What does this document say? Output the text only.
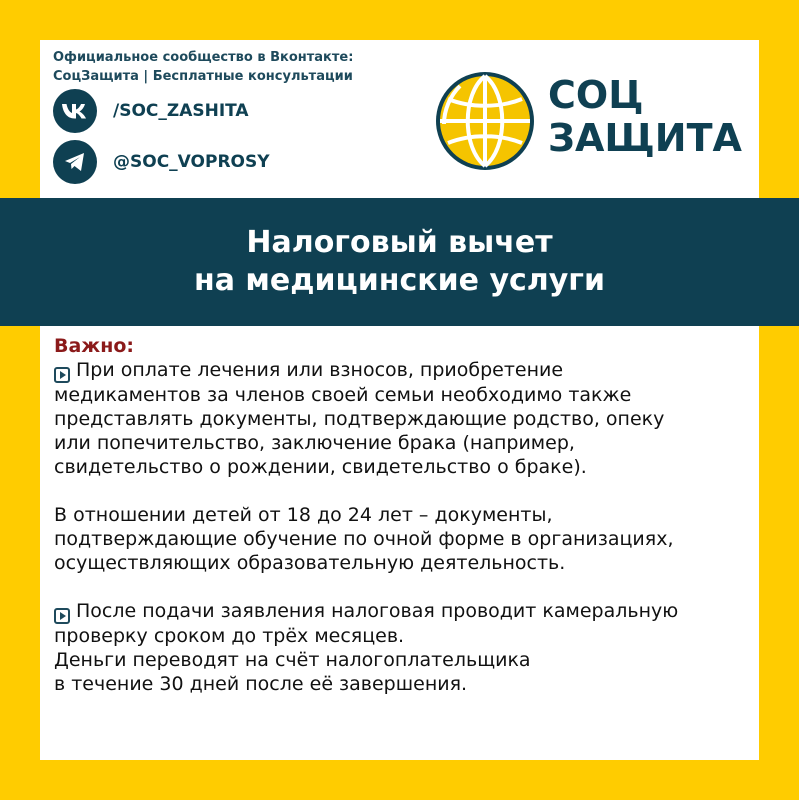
Официальное сообщество в Вконтакте:
СоцЗащита | Бесплатные консультации
/SOC_ZASHITA
@SOC_VOPROSY
СОЦ
ЗАЩИТА
Налоговый вычет
на медицинские услуги

Важно:

При оплате лечения или взносов, приобретение

медикаментов за членов своей семьи необходимо также

представлять документы, подтверждающие родство, опеку

или попечительство, заключение брака (например,

свидетельство о рождении, свидетельство о браке).

В отношении детей от 18 до 24 лет – документы,

подтверждающие обучение по очной форме в организациях,

осуществляющих образовательную деятельность.

После подачи заявления налоговая проводит камеральную

проверку сроком до трёх месяцев.

Деньги переводят на счёт налогоплательщика

в течение 30 дней после её завершения.
